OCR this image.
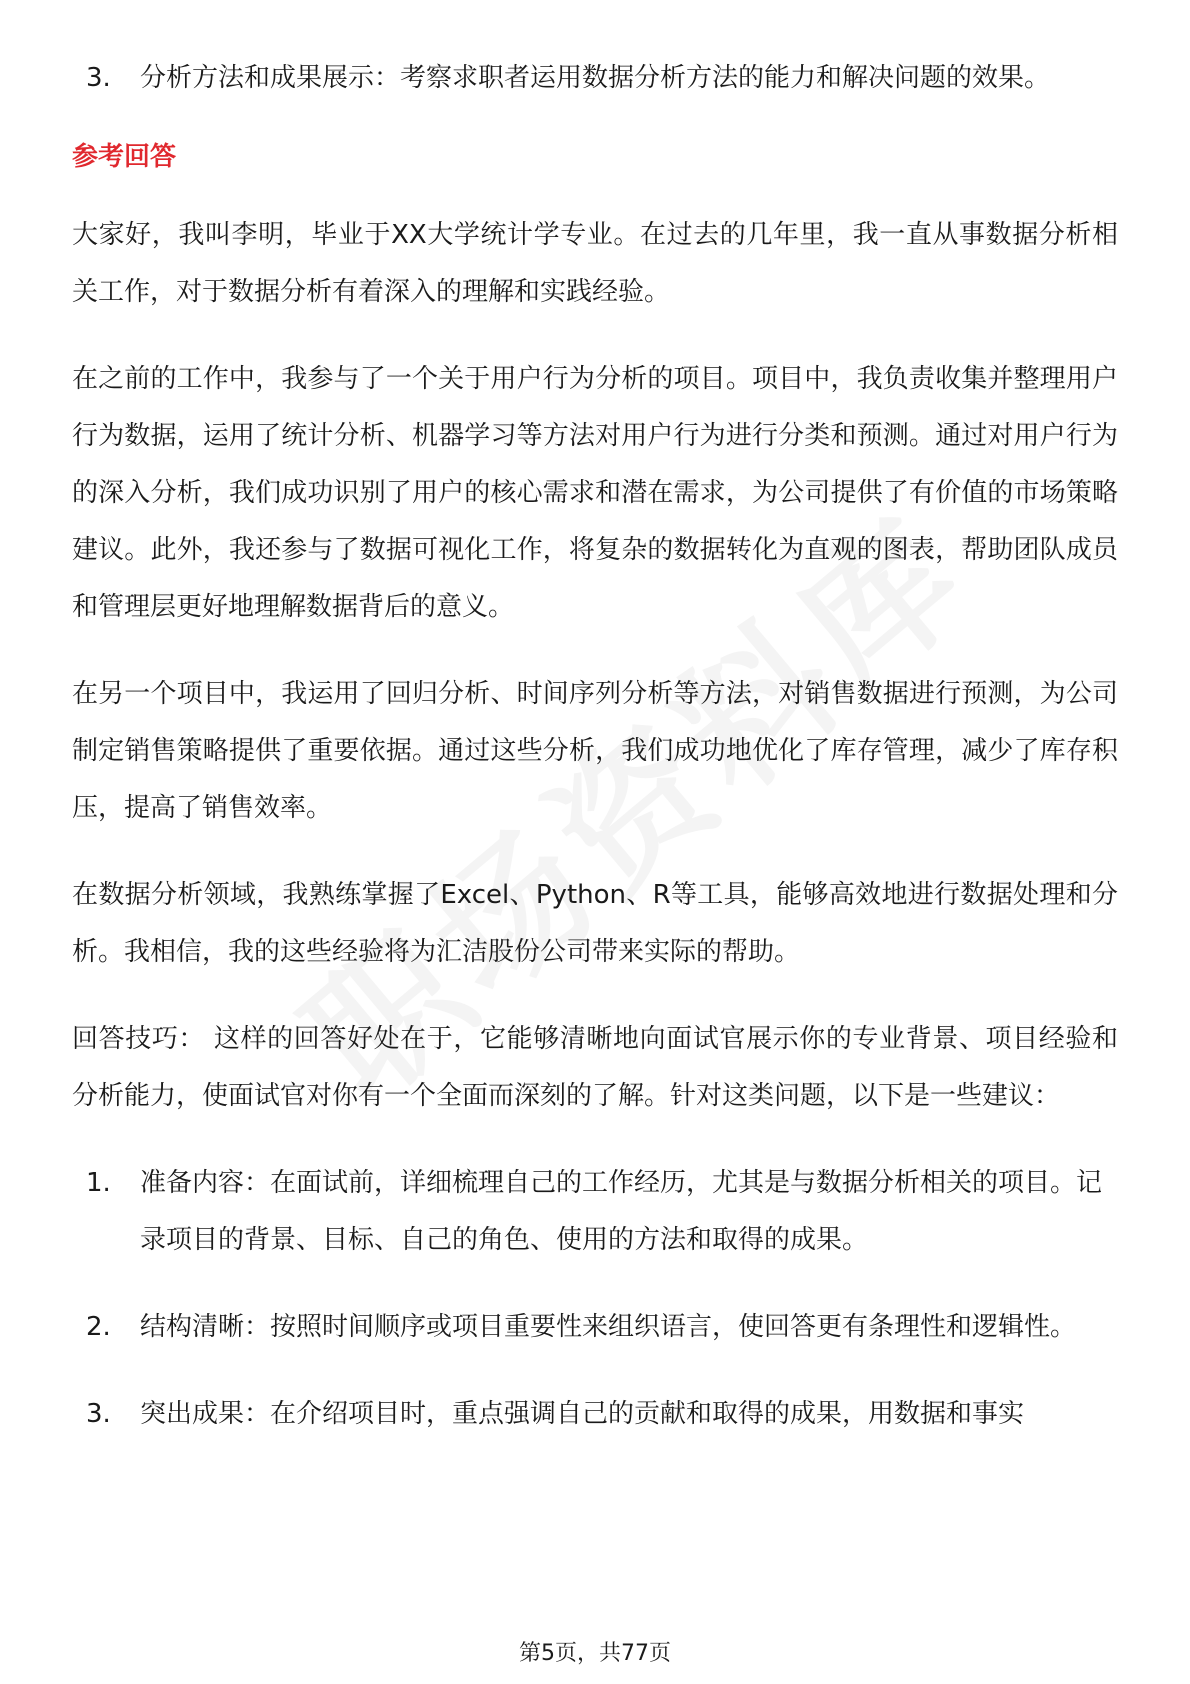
3.	分析方法和成果展示：考察求职者运用数据分析方法的能力和解决问题的效果。
参考回答

大家好，我叫李明，毕业于XX大学统计学专业。在过去的几年里，我一直从事数据分析相关工作，对于数据分析有着深入的理解和实践经验。

在之前的工作中，我参与了一个关于用户行为分析的项目。项目中，我负责收集并整理用户行为数据，运用了统计分析、机器学习等方法对用户行为进行分类和预测。通过对用户行为的深入分析，我们成功识别了用户的核心需求和潜在需求，为公司提供了有价值的市场策略建议。此外，我还参与了数据可视化工作，将复杂的数据转化为直观的图表，帮助团队成员和管理层更好地理解数据背后的意义。

在另一个项目中，我运用了回归分析、时间序列分析等方法，对销售数据进行预测，为公司制定销售策略提供了重要依据。通过这些分析，我们成功地优化了库存管理，减少了库存积压，提高了销售效率。

在数据分析领域，我熟练掌握了Excel、Python、R等工具，能够高效地进行数据处理和分析。我相信，我的这些经验将为汇洁股份公司带来实际的帮助。

回答技巧： 这样的回答好处在于，它能够清晰地向面试官展示你的专业背景、项目经验和分析能力，使面试官对你有一个全面而深刻的了解。针对这类问题，以下是一些建议：

1.	准备内容：在面试前，详细梳理自己的工作经历，尤其是与数据分析相关的项目。记录项目的背景、目标、自己的角色、使用的方法和取得的成果。
2.	结构清晰：按照时间顺序或项目重要性来组织语言，使回答更有条理性和逻辑性。
3.	突出成果：在介绍项目时，重点强调自己的贡献和取得的成果，用数据和事实
第5页，共77页
